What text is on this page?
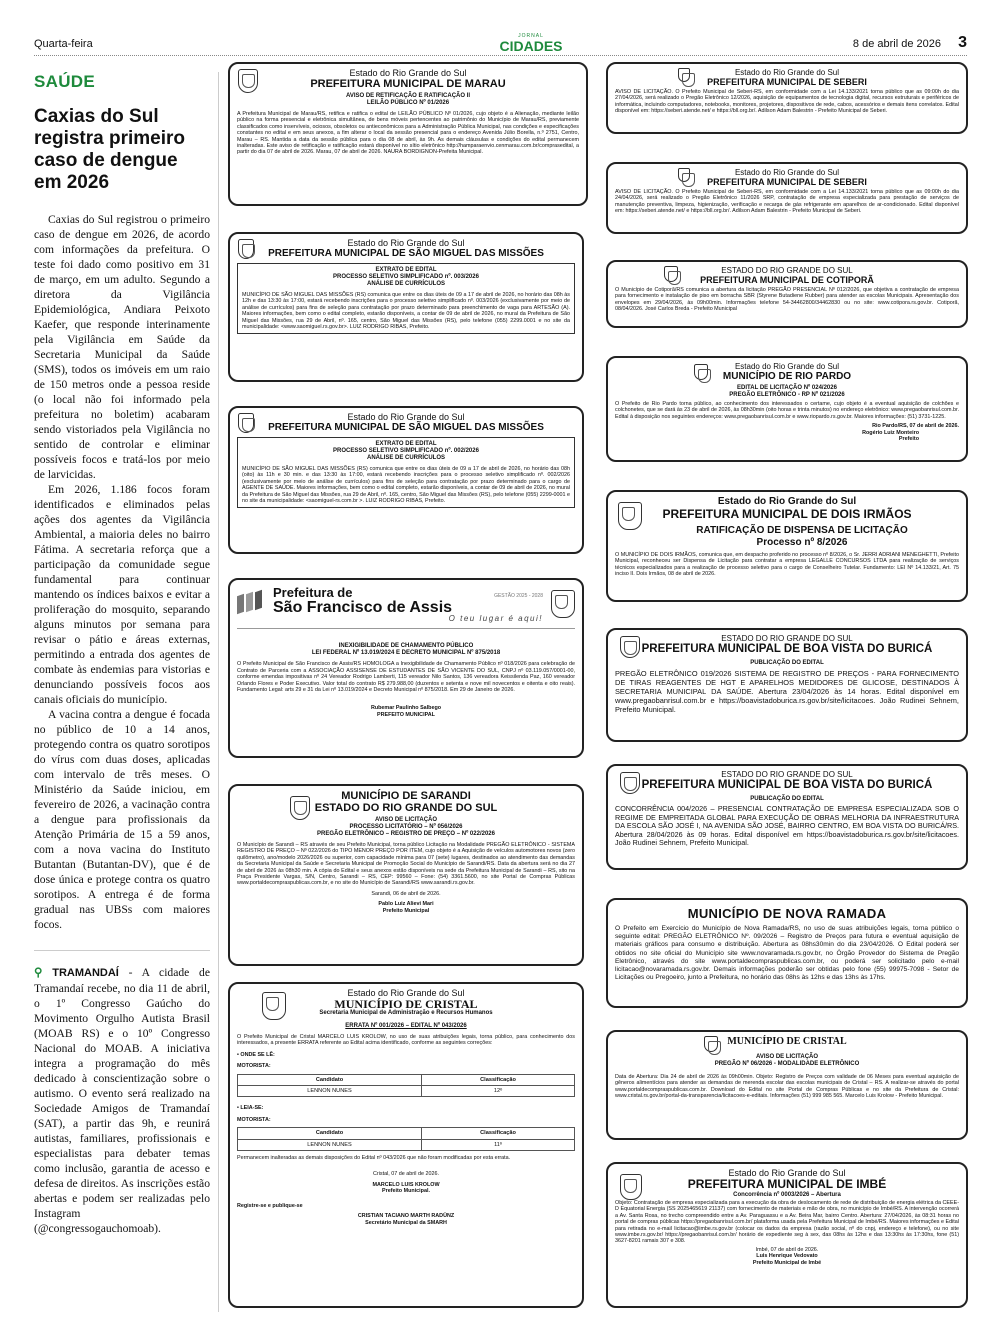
Quarta-feira
JORNAL
CIDADES	8 de abril de 2026 3
SAÚDE
Caxias do Sul registra primeiro caso de dengue em 2026

Caxias do Sul registrou o primeiro caso de dengue em 2026, de acordo com informações da prefeitura. O teste foi dado como positivo em 31 de março, em um adulto. Segundo a diretora da Vigilância Epidemiológica, Andiara Peixoto Kaefer, que responde interinamente pela Vigilância em Saúde da Secretaria Municipal da Saúde (SMS), todos os imóveis em um raio de 150 metros onde a pessoa reside (o local não foi informado pela prefeitura no boletim) acabaram sendo vistoriados pela Vigilância no sentido de controlar e eliminar possíveis focos e tratá-los por meio de larvicidas.

Em 2026, 1.186 focos foram identificados e eliminados pelas ações dos agentes da Vigilância Ambiental, a maioria deles no bairro Fátima. A secretaria reforça que a participação da comunidade segue fundamental para continuar mantendo os índices baixos e evitar a proliferação do mosquito, separando alguns minutos por semana para revisar o pátio e áreas externas, permitindo a entrada dos agentes de combate às endemias para vistorias e denunciando possíveis focos aos canais oficiais do município.

A vacina contra a dengue é focada no público de 10 a 14 anos, protegendo contra os quatro sorotipos do vírus com duas doses, aplicadas com intervalo de três meses. O Ministério da Saúde iniciou, em fevereiro de 2026, a vacinação contra a dengue para profissionais da Atenção Primária de 15 a 59 anos, com a nova vacina do Instituto Butantan (Butantan-DV), que é de dose única e protege contra os quatro sorotipos. A entrega é de forma gradual nas UBSs com maiores focos.

⚲ TRAMANDAÍ - A cidade de Tramandaí recebe, no dia 11 de abril, o 1º Congresso Gaúcho do Movimento Orgulho Autista Brasil (MOAB RS) e o 10º Congresso Nacional do MOAB. A iniciativa integra a programação do mês dedicado à conscientização sobre o autismo. O evento será realizado na Sociedade Amigos de Tramandaí (SAT), a partir das 9h, e reunirá autistas, familiares, profissionais e especialistas para debater temas como inclusão, garantia de acesso e defesa de direitos. As inscrições estão abertas e podem ser realizadas pelo Instagram (@congressogauchomoab).
Estado do Rio Grande do Sul
PREFEITURA MUNICIPAL DE MARAU
AVISO DE RETIFICAÇÃO E RATIFICAÇÃO II
LEILÃO PÚBLICO Nº 01/2026
A Prefeitura Municipal de Marau/RS, retifica e ratifica o edital de LEILÃO PÚBLICO Nº 01/2026, cujo objeto é a Alienação, mediante leilão público na forma presencial e eletrônica simultânea, de bens móveis pertencentes ao patrimônio do Município de Marau/RS, previamente classificados como inservíveis, ociosos, obsoletos ou antieconômicos para a Administração Pública Municipal, nas condições e especificações constantes no edital e em seus anexos, a fim alterar o local da sessão presencial para o endereço Avenida Júlio Borella, n.º 2751, Centro, Marau – RS. Mantida a data da sessão pública para o dia 08 de abril, às 9h. As demais cláusulas e condições do edital permanecem inalteradas. Este aviso de retificação e ratificação estará disponível no sítio eletrônico http://hamparaenvio.cenmarau.com.br/comprasedital, a partir do dia 07 de abril de 2026. Marau, 07 de abril de 2026. NAURA BORDIGNON-Prefeita Municipal.
Estado do Rio Grande do Sul
PREFEITURA MUNICIPAL DE SÃO MIGUEL DAS MISSÕES
EXTRATO DE EDITAL
PROCESSO SELETIVO SIMPLIFICADO nº. 003/2026
ANÁLISE DE CURRÍCULOS
MUNICÍPIO DE SÃO MIGUEL DAS MISSÕES (RS) comunica que entre os dias úteis de 09 a 17 de abril de 2026, no horário das 08h às 12h e das 13:30 às 17:00, estará recebendo inscrições para o processo seletivo simplificado nº. 003/2026 (exclusivamente por meio de análise de currículos) para fins de seleção para contratação por prazo determinado para preenchimento de vaga para ARTESÃO (A). Maiores informações, bem como o edital completo, estarão disponíveis, a contar de 09 de abril de 2026, no mural da Prefeitura de São Miguel das Missões, rua 29 de Abril, nº. 165, centro, São Miguel das Missões (RS), pelo telefone (055) 2299.0001 e no site da municipalidade: <www.saomiguel.rs.gov.br>. LUIZ RODRIGO RIBAS, Prefeito.
Estado do Rio Grande do Sul
PREFEITURA MUNICIPAL DE SÃO MIGUEL DAS MISSÕES
EXTRATO DE EDITAL
PROCESSO SELETIVO SIMPLIFICADO nº. 002/2026
ANÁLISE DE CURRÍCULOS
MUNICÍPIO DE SÃO MIGUEL DAS MISSÕES (RS) comunica que entre os dias úteis de 09 a 17 de abril de 2026, no horário das 08h (oito) às 11h e 30 min. e das 13:30 às 17:00, estará recebendo inscrições para o processo seletivo simplificado nº. 002/2026 (exclusivamente por meio de análise de currículos) para fins de seleção para contratação por prazo determinado para o cargo de AGENTE DE SAÚDE. Maiores informações, bem como o edital completo, estarão disponíveis, a contar de 09 de abril de 2026, no mural da Prefeitura de São Miguel das Missões, rua 29 de Abril, nº. 165, centro, São Miguel das Missões (RS), pelo telefone (055) 2299-0001 e no site da municipalidade: <saomiguel-rs.com.br >. LUIZ RODRIGO RIBAS, Prefeito.
Prefeitura de	GESTÃO 2025 - 2028
São Francisco de Assis
O teu lugar é aqui!
INEXIGIBILIDADE DE CHAMAMENTO PÚBLICO
LEI FEDERAL Nº 13.019/2024 E DECRETO MUNICIPAL Nº 875/2018
O Prefeito Municipal de São Francisco de Assis/RS HOMOLOGA a Inexigibilidade de Chamamento Público nº 018/2026 para celebração de Contrato de Parceria com a ASSOCIAÇÃO ASSISENSE DE ESTUDANTES DE SÃO VICENTE DO SUL, CNPJ nº 03.119.057/0001-00, conforme emendas impositivas nº 24 Vereador Rodrigo Lamberti, 115 vereador Nilo Santos, 136 vereadora Keissilenda Paz, 160 vereador Orlando Flores e Poder Executivo. Valor total do contrato R$ 279.988,00 (duzentos e setenta e nove mil novecentos e oitenta e oito reais). Fundamento Legal: arts 29 e 31 da Lei nº 13.019/2024 e Decreto Municipal nº 875/2018. Em 29 de Janeiro de 2026.
Rubemar Paulinho Salbego
PREFEITO MUNICIPAL
MUNICÍPIO DE SARANDI
ESTADO DO RIO GRANDE DO SUL
AVISO DE LICITAÇÃO
PROCESSO LICITATÓRIO – Nº 056/2026
PREGÃO ELETRÔNICO – REGISTRO DE PREÇO – Nº 022/2026
O Município de Sarandi – RS através de seu Prefeito Municipal, torna público Licitação na Modalidade PREGÃO ELETRÔNICO - SISTEMA REGISTRO DE PREÇO – Nº 022/2026 do TIPO MENOR PREÇO POR ITEM, cujo objeto é a Aquisição de veículos automotores novos (zero quilômetro), ano/modelo 2026/2026 ou superior, com capacidade mínima para 07 (sete) lugares, destinados ao atendimento das demandas da Secretaria Municipal da Saúde e Secretaria Municipal de Promoção Social do Município de Sarandi/RS. Data da abertura será no dia 27 de abril de 2026 às 08h30 min. A cópia do Edital e seus anexos estão disponíveis na sede da Prefeitura Municipal de Sarandi – RS, sito na Praça Presidente Vargas, S/N, Centro, Sarandi – RS, CEP: 99560 – Fone: (54) 3361.5600, no site Portal de Compras Públicas www.portaldecompraspublicas.com.br, e no site do Município de Sarandi/RS www.sarandi.rs.gov.br.
Sarandi, 06 de abril de 2026.
Pablo Luiz Alievi Mari
Prefeito Municipal
Estado do Rio Grande do Sul
MUNICÍPIO DE CRISTAL
Secretaria Municipal de Administração e Recursos Humanos
ERRATA Nº 001/2026 – EDITAL Nº 043/2026
O Prefeito Municipal de Cristal MARCELO LUIS KROLOW, no uso de suas atribuições legais, torna público, para conhecimento dos interessados, a presente ERRATA referente ao Edital acima identificado, conforme as seguintes correções:
• ONDE SE LÊ:
MOTORISTA:
Candidato	Classificação
LENNON NUNES	12º
• LEIA-SE:
MOTORISTA:
Candidato	Classificação
LENNON NUNES	11º
Permanecem inalteradas as demais disposições do Edital nº 043/2026 que não foram modificadas por esta errata.
Cristal, 07 de abril de 2026.
MARCELO LUIS KROLOW
Prefeito Municipal.
Registre-se e publique-se
CRISTIAN TACIANO MARTH RADÜNZ
Secretário Municipal da SMARH
Estado do Rio Grande do Sul
PREFEITURA MUNICIPAL DE SEBERI
AVISO DE LICITAÇÃO. O Prefeito Municipal de Seberi-RS, em conformidade com a Lei 14.133/2021 torna público que as 09:00h do dia 27/04/2026, será realizado o Pregão Eletrônico 12/2026, aquisição de equipamentos de tecnologia digital, recursos estruturais e periféricos de informática, incluindo computadores, notebooks, monitores, projetores, dispositivos de rede, cabos, acessórios e demais itens correlatos. Edital disponível em: https://seberi.atende.net/ e https://bll.org.br/. Adilson Adam Balestrin - Prefeito Municipal de Seberi.
Estado do Rio Grande do Sul
PREFEITURA MUNICIPAL DE SEBERI
AVISO DE LICITAÇÃO. O Prefeito Municipal de Seberi-RS, em conformidade com a Lei 14.133/2021 torna público que as 09:00h do dia 24/04/2026, será realizado o Pregão Eletrônico 11/2026 SRP, contratação de empresa especializada para prestação de serviços de manutenção preventiva, limpeza, higienização, verificação e recarga de gás refrigerante em aparelhos de ar-condicionado. Edital disponível em: https://seberi.atende.net/ e https://bll.org.br/. Adilson Adam Balestrin - Prefeito Municipal de Seberi.
ESTADO DO RIO GRANDE DO SUL
PREFEITURA MUNICIPAL DE COTIPORÃ
O Município de Cotiporã/RS comunica a abertura da licitação PREGÃO PRESENCIAL Nº 012/2026, que objetiva a contratação de empresa para fornecimento e instalação de piso em borracha SBR (Styrene Butadiene Rubber) para atender as escolas Municipais. Apresentação dos envelopes em 29/04/2026, às 09h00min. Informações telefone 54-34462800/34462830 ou no site: www.cotipora.rs.gov.br. Cotiporã, 08/04/2026. José Carlos Breda - Prefeito Municipal
Estado do Rio Grande do Sul
MUNICÍPIO DE RIO PARDO
EDITAL DE LICITAÇÃO Nº 024/2026
PREGÃO ELETRÔNICO - RP Nº 021/2026
O Prefeito de Rio Pardo torna público, ao conhecimento dos interessados o certame, cujo objeto é a eventual aquisição de colchões e colchonetes, que se dará às 23 de abril de 2026, às 08h30min (oito horas e trinta minutos) no endereço eletrônico: www.pregaobanrisul.com.br. Edital à disposição nos seguintes endereços: www.pregaobanrisul.com.br e www.riopardo.rs.gov.br. Maiores informações: (51) 3731-1225.
Rio Pardo/RS, 07 de abril de 2026.
Rogério Luiz Monteiro
Prefeito
Estado do Rio Grande do Sul
PREFEITURA MUNICIPAL DE DOIS IRMÃOS
RATIFICAÇÃO DE DISPENSA DE LICITAÇÃO
Processo nº 8/2026
O MUNICÍPIO DE DOIS IRMÃOS, comunica que, em despacho proferido no processo nº 8/2026, o Sr. JERRI ADRIANI MENEGHETTI, Prefeito Municipal, reconheceu ser Dispensa de Licitação para contratar a empresa LEGALLE CONCURSOS LTDA para realização de serviços técnicos especializados para a realização de processo seletivo para o cargo de Conselheiro Tutelar. Fundamento: LEI Nº 14.133/21, Art. 75 inciso II. Dois Irmãos, 08 de abril de 2026.
ESTADO DO RIO GRANDE DO SUL
PREFEITURA MUNICIPAL DE BOA VISTA DO BURICÁ
PUBLICAÇÃO DO EDITAL
PREGÃO ELETRÔNICO 019/2026 SISTEMA DE REGISTRO DE PREÇOS - PARA FORNECIMENTO DE TIRAS REAGENTES DE HGT E APARELHOS MEDIDORES DE GLICOSE, DESTINADOS À SECRETARIA MUNICIPAL DA SAÚDE. Abertura 23/04/2026 às 14 horas. Edital disponível em www.pregaobanrisul.com.br e https://boavistadoburica.rs.gov.br/site/licitacoes. João Rudinei Sehnem, Prefeito Municipal.
ESTADO DO RIO GRANDE DO SUL
PREFEITURA MUNICIPAL DE BOA VISTA DO BURICÁ
PUBLICAÇÃO DO EDITAL
CONCORRÊNCIA 004/2026 – PRESENCIAL CONTRATAÇÃO DE EMPRESA ESPECIALIZADA SOB O REGIME DE EMPREITADA GLOBAL PARA EXECUÇÃO DE OBRAS MELHORIA DA INFRAESTRUTURA DA ESCOLA SÃO JOSÉ I, NA AVENIDA SÃO JOSÉ, BAIRRO CENTRO, EM BOA VISTA DO BURICÁ/RS. Abertura 28/04/2026 às 09 horas. Edital disponível em https://boavistadoburica.rs.gov.br/site/licitacoes. João Rudinei Sehnem, Prefeito Municipal.
MUNICÍPIO DE NOVA RAMADA
O Prefeito em Exercício do Município de Nova Ramada/RS, no uso de suas atribuições legais, torna público o seguinte edital: PREGÃO ELETRÔNICO Nº. 09/2026 – Registro de Preços para futura e eventual aquisição de materiais gráficos para consumo e distribuição. Abertura as 08hs30min do dia 23/04/2026. O Edital poderá ser obtidos no site oficial do Município site www.novaramada.rs.gov.br, no Órgão Provedor do Sistema de Pregão Eletrônico, através do site www.portaldecompraspublicas.com.br, ou poderá ser solicitado pelo e-mail licitacao@novaramada.rs.gov.br. Demais informações poderão ser obtidas pelo fone (55) 99975-7098 - Setor de Licitações ou Pregoeiro, junto a Prefeitura, no horário das 08hs às 12hs e das 13hs às 17hs.
MUNICÍPIO DE CRISTAL
AVISO DE LICITAÇÃO
PREGÃO Nº 06/2026 - MODALIDADE ELETRÔNICO
Data de Abertura: Dia 24 de abril de 2026 às 09h00min. Objeto: Registro de Preços com validade de 06 Meses para eventual aquisição de gêneros alimentícios para atender as demandas de merenda escolar das escolas municipais de Cristal – RS. A realizar-se através do portal www.portaldecompraspublicas.com.br. Download do Edital no site Portal de Compras Públicas e no site da Prefeitura de Cristal: www.cristal.rs.gov.br/portal-da-transparencia/licitacoes-e-editais. Informações (51) 999 985 565. Marcelo Luis Krolow - Prefeito Municipal.
Estado do Rio Grande do Sul
PREFEITURA MUNICIPAL DE IMBÉ
Concorrência nº 0003/2026 – Abertura
Objeto: Contratação de empresa especializada para a execução da obra de deslocamento de rede de distribuição de energia elétrica da CEEE-D Equatorial Energia (SS 2025465619 21137) com fornecimento de materiais e mão de obra, no município de Imbé/RS. A intervenção ocorrerá a Av. Santa Rosa, no trecho compreendido entre a Av. Paraguassu e a Av. Beira Mar, bairro Centro. Abertura: 27/04/2026, às 08:31 horas no portal de compras públicas https://pregaobanrisul.com.br/ plataforma usada pela Prefeitura Municipal de Imbé/RS. Maiores informações e Edital para retirada no e-mail licitacao@imbe.rs.gov.br (colocar os dados da empresa (razão social, nº do cnpj, endereço e telefone), ou no site www.imbe.rs.gov.br/ https://pregaobanrisul.com.br/ horário de expediente seg à sex, das 08hs às 12hs e das 13:30hs às 17:30hs, fone (51) 3627-8201 ramais 307 e 308.
Imbé, 07 de abril de 2026.
Luis Henrique Vedovato
Prefeito Municipal de Imbé
